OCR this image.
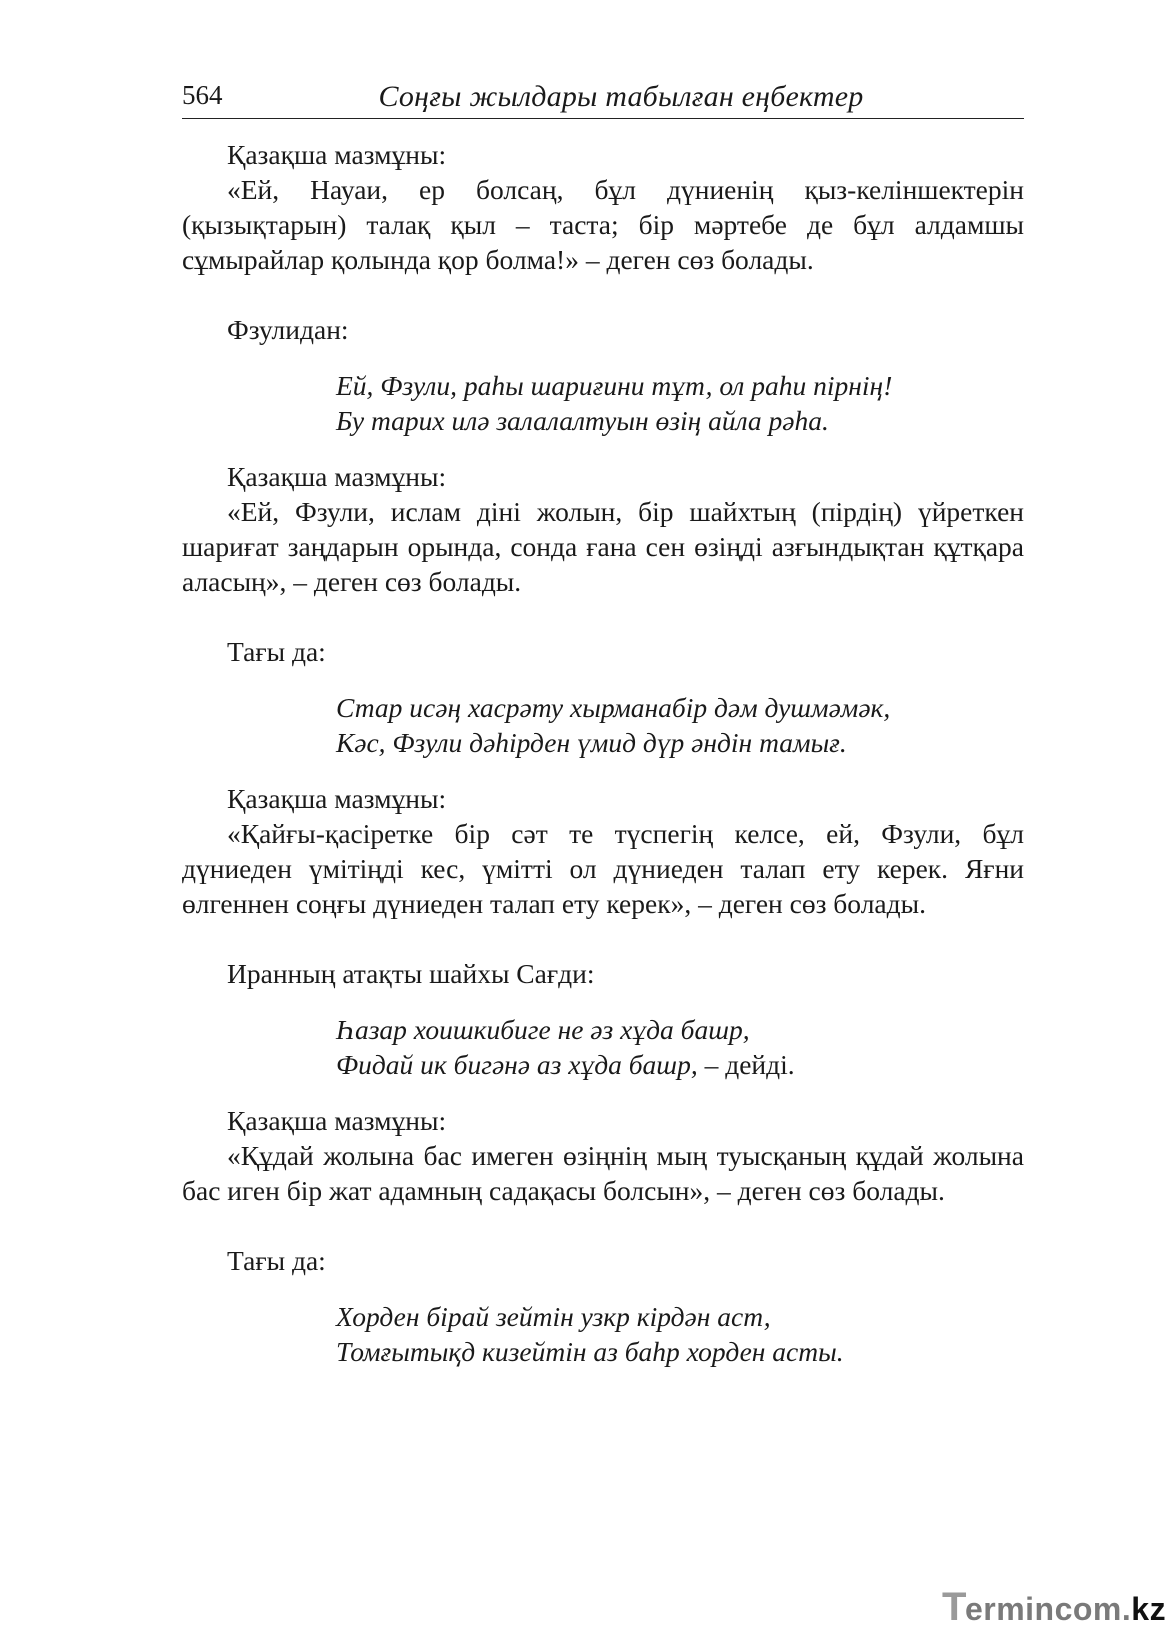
564	Соңғы жылдары табылған еңбектер

Қазақша мазмұны:

«Ей, Науаи, ер болсаң, бұл дүниенің қыз-келіншектерін (қызықтарын) талақ қыл – таста; бір мәртебе де бұл алдамшы сұмырайлар қолында қор болма!» – деген сөз болады.

Фзулидан:

Ей, Фзули, раһы шариғини тұт, ол раһи пірнің!

Бу тарих илә залалалтуын өзің айла рәһа.

Қазақша мазмұны:

«Ей, Фзули, ислам діні жолын, бір шайхтың (пірдің) үйреткен шариғат заңдарын орында, сонда ғана сен өзіңді азғындықтан құтқара аласың», – деген сөз болады.

Тағы да:

Стар исәң хасрәту хырманабір дәм душмәмәк,

Кәс, Фзули дәһірден үмид дүр әндін тамығ.

Қазақша мазмұны:

«Қайғы-қасіретке бір сәт те түспегің келсе, ей, Фзули, бұл дүниеден үмітіңді кес, үмітті ол дүниеден талап ету керек. Яғни өлгеннен соңғы дүниеден талап ету керек», – деген сөз болады.

Иранның атақты шайхы Сағди:

Һазар хоишкибиге не әз хұда башр,

Фидай ик бигәнә аз хұда башр, – дейді.

Қазақша мазмұны:

«Құдай жолына бас имеген өзіңнің мың туысқаның құдай жолына бас иген бір жат адамның садақасы болсын», – деген сөз болады.

Тағы да:

Хорден бірай зейтін узкр кірдән аст,

Томғытықд кизейтін аз баһр хорден асты.

Termincom.kz
